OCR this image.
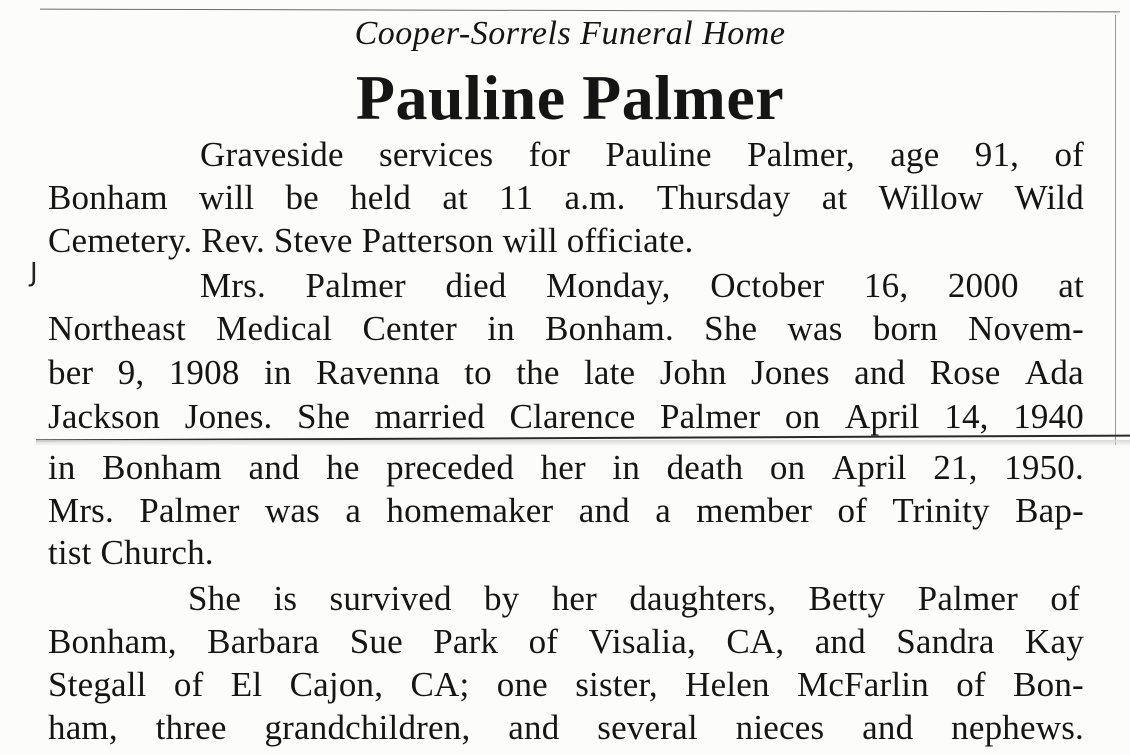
Cooper-Sorrels Funeral Home
Pauline Palmer
J
Graveside services for Pauline Palmer, age 91, of
Bonham will be held at 11 a.m. Thursday at Willow Wild
Cemetery. Rev. Steve Patterson will officiate.
Mrs. Palmer died Monday, October 16, 2000 at
Northeast Medical Center in Bonham. She was born Novem-
ber 9, 1908 in Ravenna to the late John Jones and Rose Ada
Jackson Jones. She married Clarence Palmer on April 14, 1940
in Bonham and he preceded her in death on April 21, 1950.
Mrs. Palmer was a homemaker and a member of Trinity Bap-
tist Church.
She is survived by her daughters, Betty Palmer of
Bonham, Barbara Sue Park of Visalia, CA, and Sandra Kay
Stegall of El Cajon, CA; one sister, Helen McFarlin of Bon-
ham, three grandchildren, and several nieces and nephews.
